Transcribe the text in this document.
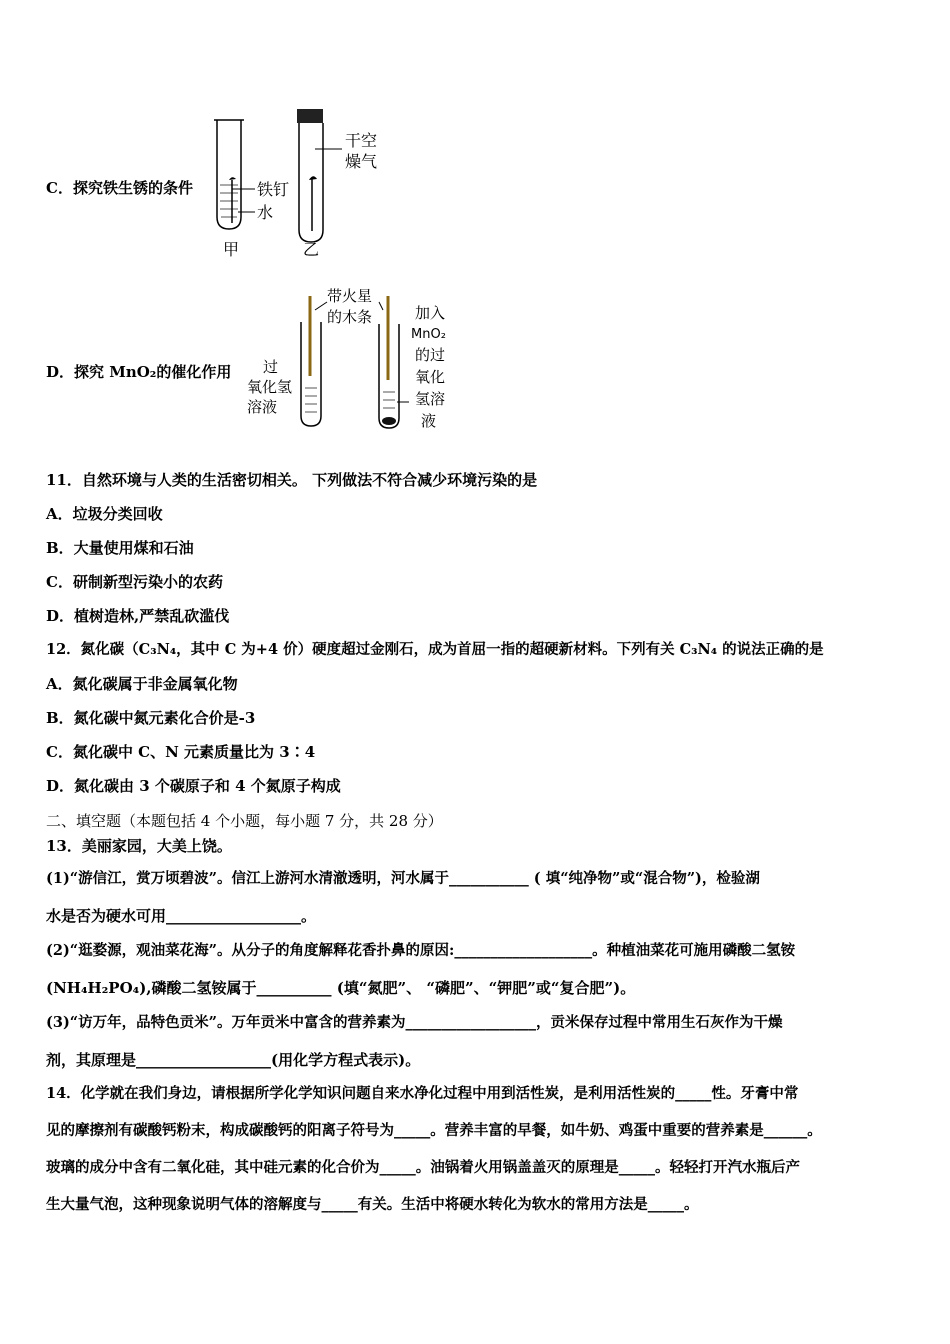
C．探究铁生锈的条件
干空
燥气
铁钉
水
甲	乙
D．探究 MnO₂的催化作用
带火星
的木条
过
氧化氢
溶液
加入
MnO₂
的过
氧化
氢溶
液
11．自然环境与人类的生活密切相关。 下列做法不符合减少环境污染的是
A．垃圾分类回收
B．大量使用煤和石油
C．研制新型污染小的农药
D．植树造林,严禁乱砍滥伐
12．氮化碳（C₃N₄，其中 C 为+4 价）硬度超过金刚石，成为首屈一指的超硬新材料。下列有关 C₃N₄ 的说法正确的是
A．氮化碳属于非金属氧化物
B．氮化碳中氮元素化合价是-3
C．氮化碳中 C、N 元素质量比为 3∶4
D．氮化碳由 3 个碳原子和 4 个氮原子构成
二、填空题（本题包括 4 个小题，每小题 7 分，共 28 分）
13．美丽家园，大美上饶。
(1)“游信江，赏万顷碧波”。信江上游河水清澈透明，河水属于___________ ( 填“纯净物”或“混合物”)，检验湖
水是否为硬水可用__________________。
(2)“逛婺源，观油菜花海”。从分子的角度解释花香扑鼻的原因:___________________。种植油菜花可施用磷酸二氢铵
(NH₄H₂PO₄),磷酸二氢铵属于__________ (填“氮肥”、 “磷肥”、“钾肥”或“复合肥”)。
(3)“访万年，品特色贡米”。万年贡米中富含的营养素为__________________，贡米保存过程中常用生石灰作为干燥
剂，其原理是__________________(用化学方程式表示)。
14．化学就在我们身边，请根据所学化学知识问题自来水净化过程中用到活性炭，是利用活性炭的_____性。牙膏中常
见的摩擦剂有碳酸钙粉末，构成碳酸钙的阳离子符号为_____。营养丰富的早餐，如牛奶、鸡蛋中重要的营养素是______。
玻璃的成分中含有二氧化硅，其中硅元素的化合价为_____。油锅着火用锅盖盖灭的原理是_____。轻轻打开汽水瓶后产
生大量气泡，这种现象说明气体的溶解度与_____有关。生活中将硬水转化为软水的常用方法是_____。
